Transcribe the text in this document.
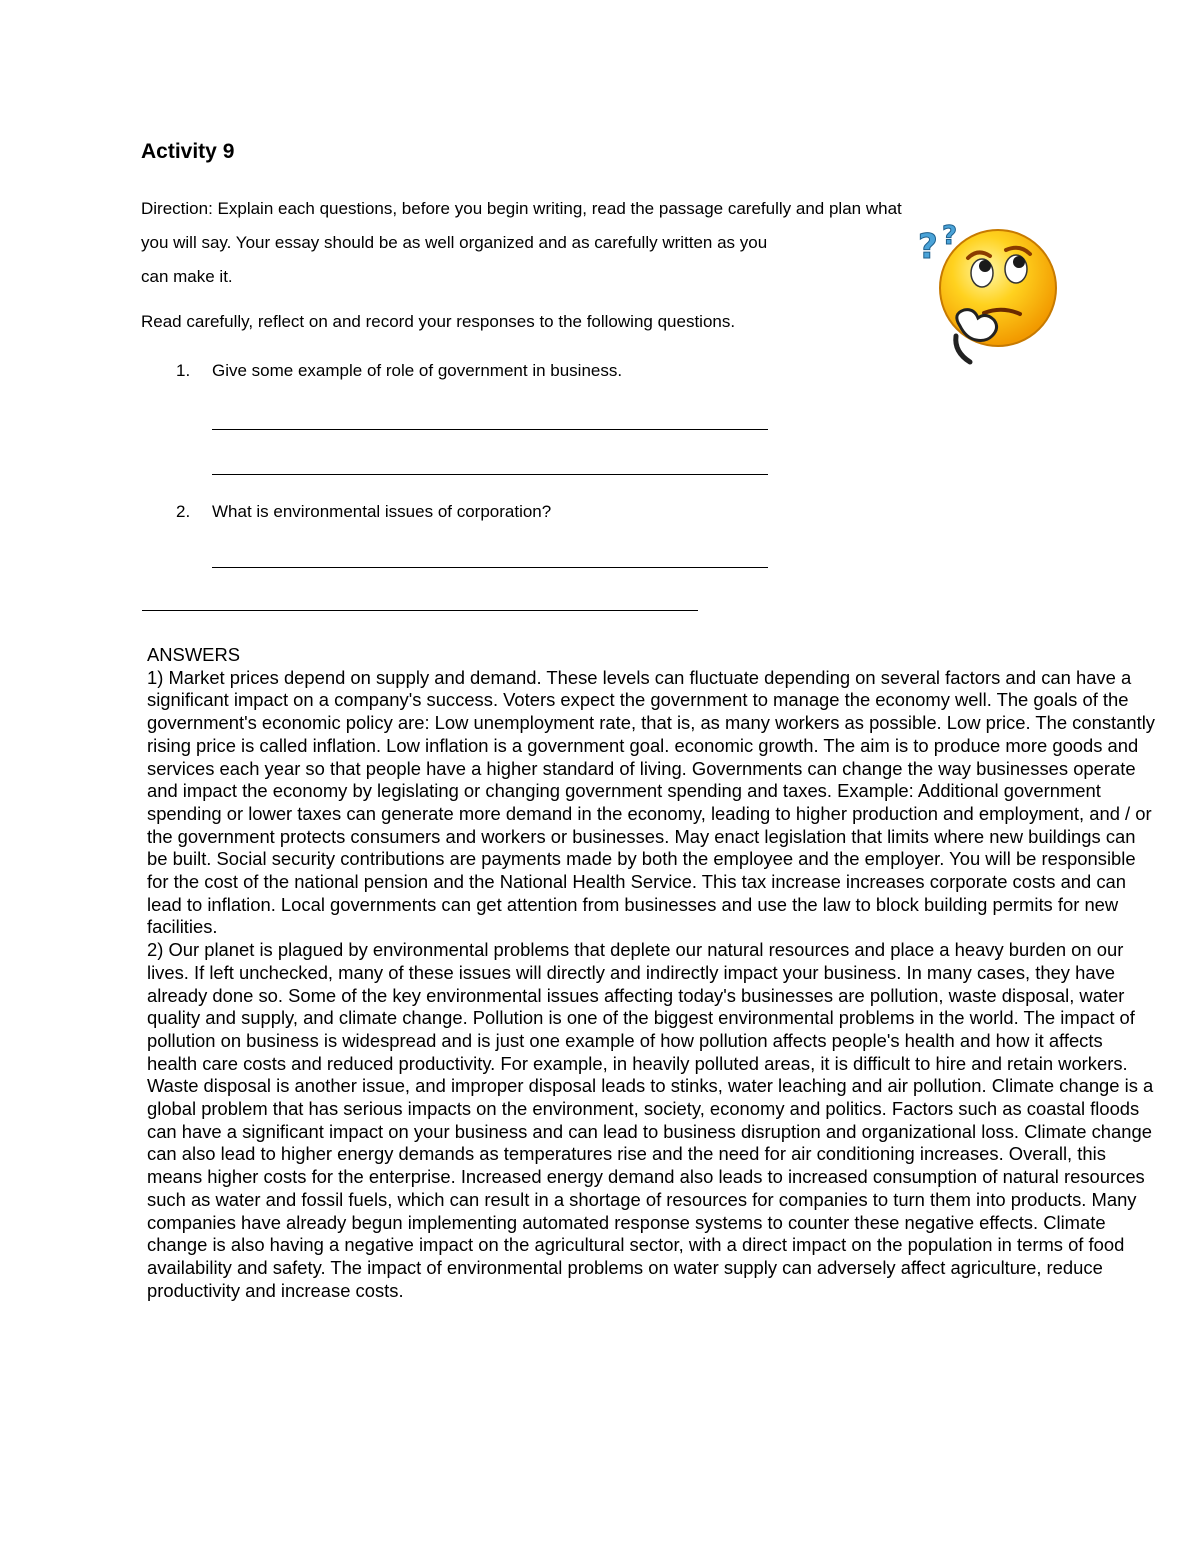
Activity 9

Direction: Explain each questions, before you begin writing, read the passage carefully and plan what
you will say. Your essay should be as well organized and as carefully written as you
can make it.

? ?

Read carefully, reflect on and record your responses to the following questions.

1. Give some example of role of government in business.

2. What is environmental issues of corporation?

ANSWERS
1) Market prices depend on supply and demand. These levels can fluctuate depending on several factors and can have a significant impact on a company's success. Voters expect the government to manage the economy well. The goals of the government's economic policy are: Low unemployment rate, that is, as many workers as possible. Low price. The constantly rising price is called inflation. Low inflation is a government goal. economic growth. The aim is to produce more goods and services each year so that people have a higher standard of living. Governments can change the way businesses operate and impact the economy by legislating or changing government spending and taxes. Example: Additional government spending or lower taxes can generate more demand in the economy, leading to higher production and employment, and / or the government protects consumers and workers or businesses. May enact legislation that limits where new buildings can be built. Social security contributions are payments made by both the employee and the employer. You will be responsible for the cost of the national pension and the National Health Service. This tax increase increases corporate costs and can lead to inflation. Local governments can get attention from businesses and use the law to block building permits for new facilities.
2) Our planet is plagued by environmental problems that deplete our natural resources and place a heavy burden on our lives. If left unchecked, many of these issues will directly and indirectly impact your business. In many cases, they have already done so. Some of the key environmental issues affecting today's businesses are pollution, waste disposal, water quality and supply, and climate change. Pollution is one of the biggest environmental problems in the world. The impact of pollution on business is widespread and is just one example of how pollution affects people's health and how it affects health care costs and reduced productivity. For example, in heavily polluted areas, it is difficult to hire and retain workers. Waste disposal is another issue, and improper disposal leads to stinks, water leaching and air pollution. Climate change is a global problem that has serious impacts on the environment, society, economy and politics. Factors such as coastal floods can have a significant impact on your business and can lead to business disruption and organizational loss. Climate change can also lead to higher energy demands as temperatures rise and the need for air conditioning increases. Overall, this means higher costs for the enterprise. Increased energy demand also leads to increased consumption of natural resources such as water and fossil fuels, which can result in a shortage of resources for companies to turn them into products. Many companies have already begun implementing automated response systems to counter these negative effects. Climate change is also having a negative impact on the agricultural sector, with a direct impact on the population in terms of food availability and safety. The impact of environmental problems on water supply can adversely affect agriculture, reduce productivity and increase costs.
